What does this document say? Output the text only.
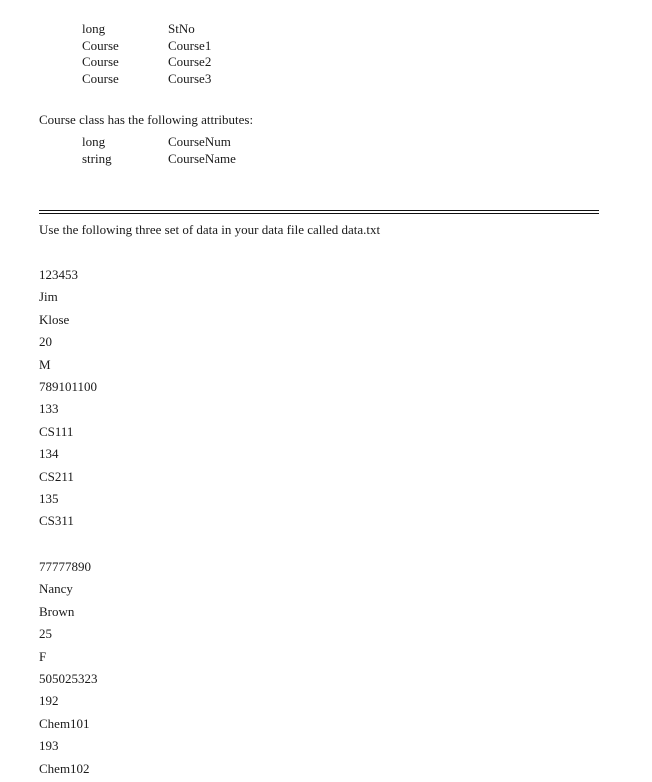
long	StNo
Course	Course1
Course	Course2
Course	Course3

Course class has the following attributes:

long	CourseNum
string	CourseName

Use the following three set of data in your data file called data.txt

123453
Jim
Klose
20
M
789101100
133
CS111
134
CS211
135
CS311
77777890
Nancy
Brown
25
F
505025323
192
Chem101
193
Chem102
